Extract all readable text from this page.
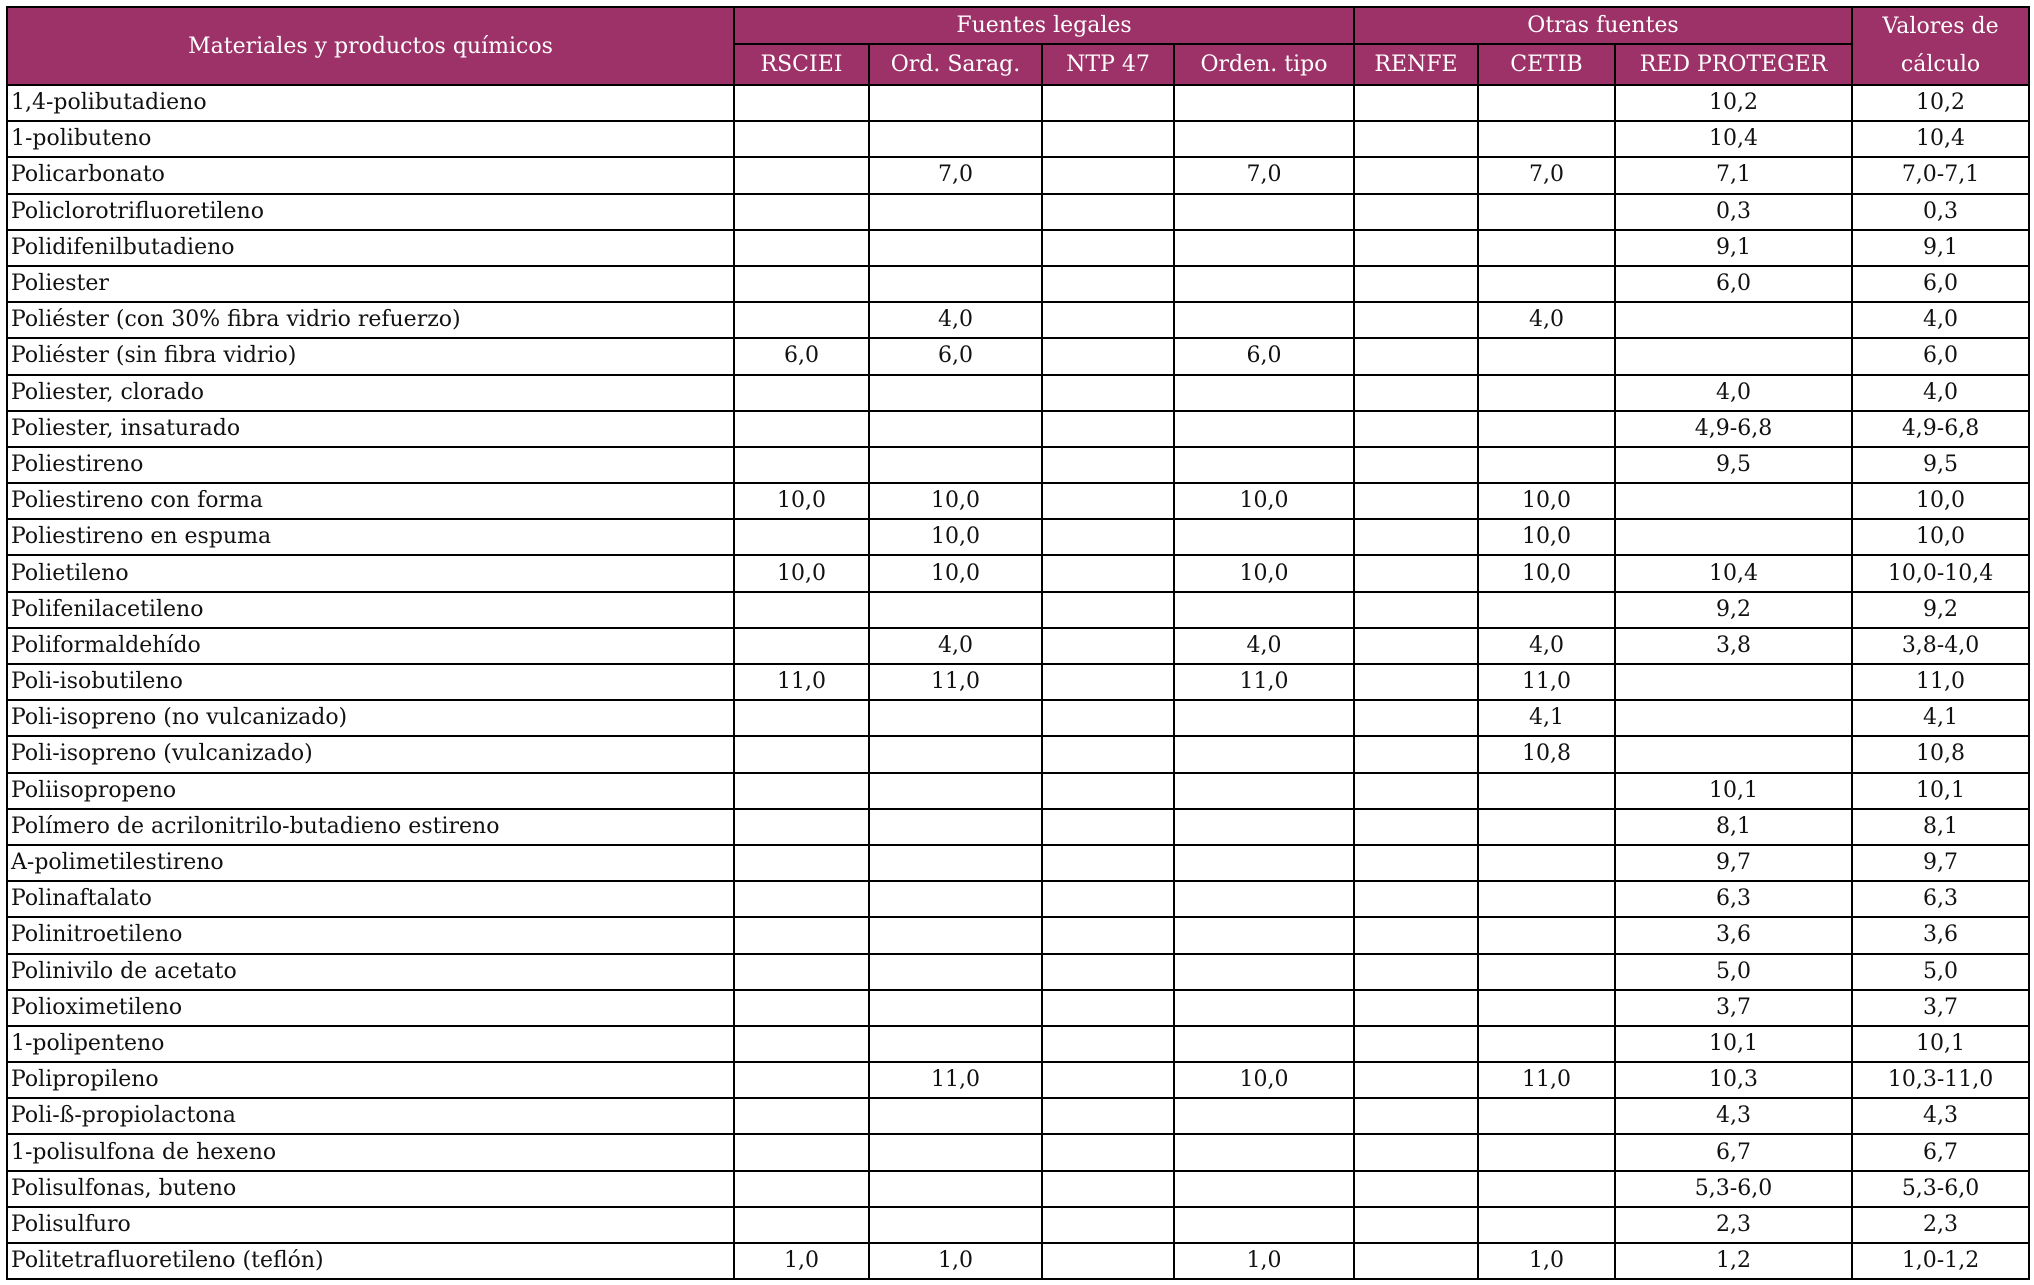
Materiales y productos químicos	Fuentes legales				Otras fuentes			Valores de cálculo
	RSCIEI	Ord. Sarag.	NTP 47	Orden. tipo	RENFE	CETIB	RED PROTEGER	
1,4-polibutadieno							10,2	10,2
1-polibuteno							10,4	10,4
Policarbonato		7,0		7,0		7,0	7,1	7,0-7,1
Policlorotrifluoretileno							0,3	0,3
Polidifenilbutadieno							9,1	9,1
Poliester							6,0	6,0
Poliéster (con 30% fibra vidrio refuerzo)		4,0				4,0		4,0
Poliéster (sin fibra vidrio)	6,0	6,0		6,0				6,0
Poliester, clorado							4,0	4,0
Poliester, insaturado							4,9-6,8	4,9-6,8
Poliestireno							9,5	9,5
Poliestireno con forma	10,0	10,0		10,0		10,0		10,0
Poliestireno en espuma		10,0				10,0		10,0
Polietileno	10,0	10,0		10,0		10,0	10,4	10,0-10,4
Polifenilacetileno							9,2	9,2
Poliformaldehído		4,0		4,0		4,0	3,8	3,8-4,0
Poli-isobutileno	11,0	11,0		11,0		11,0		11,0
Poli-isopreno (no vulcanizado)						4,1		4,1
Poli-isopreno (vulcanizado)						10,8		10,8
Poliisopropeno							10,1	10,1
Polímero de acrilonitrilo-butadieno estireno							8,1	8,1
A-polimetilestireno							9,7	9,7
Polinaftalato							6,3	6,3
Polinitroetileno							3,6	3,6
Polinivilo de acetato							5,0	5,0
Polioximetileno							3,7	3,7
1-polipenteno							10,1	10,1
Polipropileno		11,0		10,0		11,0	10,3	10,3-11,0
Poli-ß-propiolactona							4,3	4,3
1-polisulfona de hexeno							6,7	6,7
Polisulfonas, buteno							5,3-6,0	5,3-6,0
Polisulfuro							2,3	2,3
Politetrafluoretileno (teflón)	1,0	1,0		1,0		1,0	1,2	1,0-1,2
